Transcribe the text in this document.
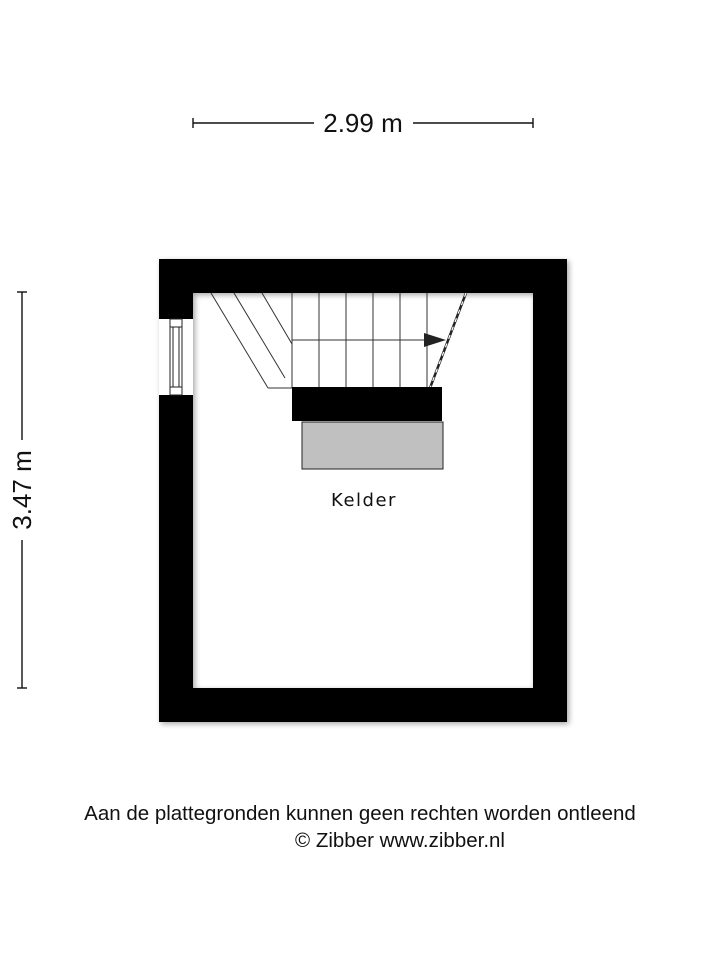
2.99 m
3.47 m	Kelder
Aan de plattegronden kunnen geen rechten worden ontleend
© Zibber www.zibber.nl
